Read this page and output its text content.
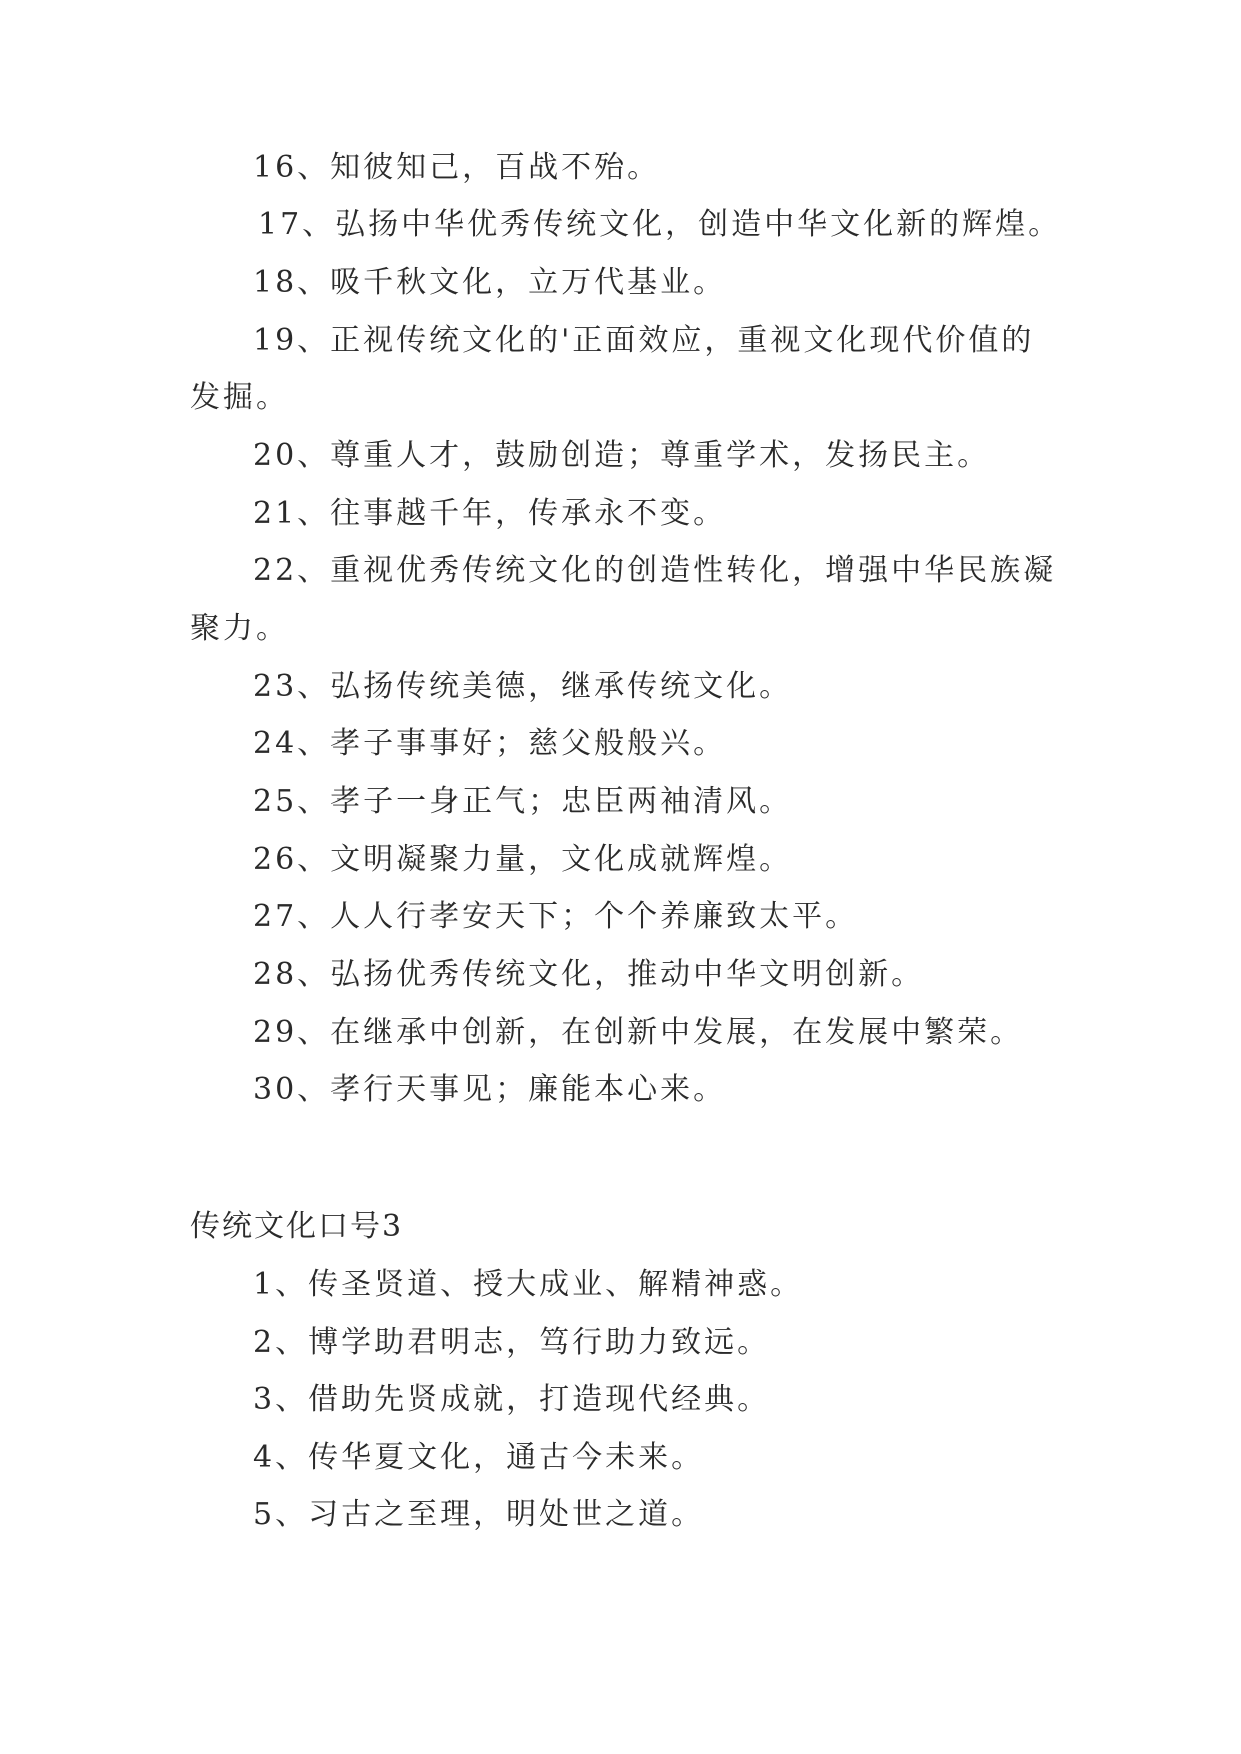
16、知彼知己，百战不殆。
17、弘扬中华优秀传统文化，创造中华文化新的辉煌。
18、吸千秋文化，立万代基业。
19、正视传统文化的'正面效应，重视文化现代价值的
发掘。
20、尊重人才，鼓励创造；尊重学术，发扬民主。
21、往事越千年，传承永不变。
22、重视优秀传统文化的创造性转化，增强中华民族凝
聚力。
23、弘扬传统美德，继承传统文化。
24、孝子事事好；慈父般般兴。
25、孝子一身正气；忠臣两袖清风。
26、文明凝聚力量，文化成就辉煌。
27、人人行孝安天下；个个养廉致太平。
28、弘扬优秀传统文化，推动中华文明创新。
29、在继承中创新，在创新中发展，在发展中繁荣。
30、孝行天事见；廉能本心来。
传统文化口号3
1、传圣贤道、授大成业、解精神惑。
2、博学助君明志，笃行助力致远。
3、借助先贤成就，打造现代经典。
4、传华夏文化，通古今未来。
5、习古之至理，明处世之道。
